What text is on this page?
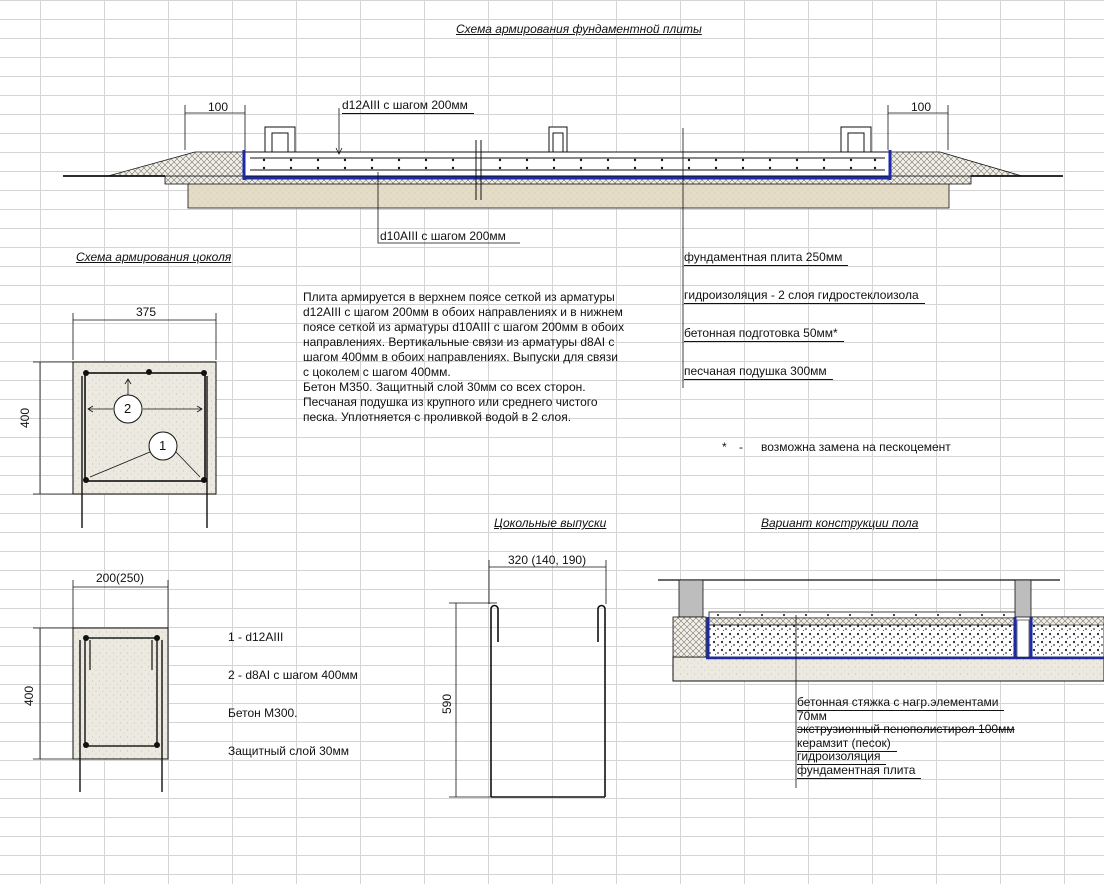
Схема армирования фундаментной плиты
Схема армирования цоколя
Цокольные выпуски	Вариант конструкции пола
100	100
d12AIII с шагом 200мм
d10AIII с шагом 200мм
фундаментная плита 250мм
гидроизоляция - 2 слоя гидростеклоизола
бетонная подготовка 50мм*
песчаная подушка 300мм
* - возможна замена на пескоцемент
Плита армируется в верхнем поясе сеткой из арматуры
d12AIII с шагом 200мм в обоих направлениях и в нижнем
поясе сеткой из арматуры d10AIII с шагом 200мм в обоих
направлениях. Вертикальные связи из арматуры d8AI с
шагом 400мм в обоих направлениях. Выпуски для связи
с цоколем с шагом 400мм.
Бетон М350. Защитный слой 30мм со всех сторон.
Песчаная подушка из крупного или среднего чистого
песка. Уплотняется с проливкой водой в 2 слоя.
375
400
1
2
200(250)
400
1 - d12AIII
2 - d8AI с шагом 400мм
Бетон М300.
Защитный слой 30мм
320 (140, 190)
590	бетонная стяжка с нагр.элементами
70мм
экструзионный пенополистирол 100мм
керамзит (песок)
гидроизоляция
фундаментная плита
